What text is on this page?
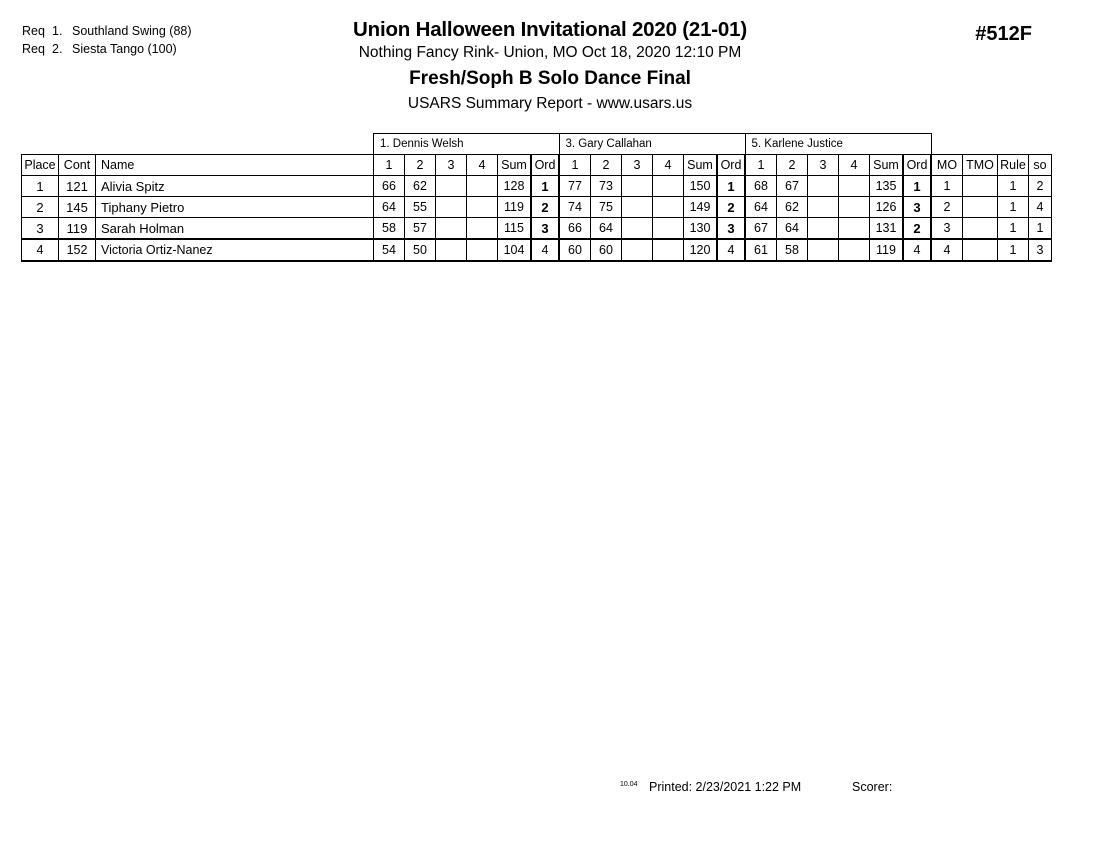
Req 1. Southland Swing (88)
Req 2. Siesta Tango (100)
Union Halloween Invitational 2020 (21-01)
Nothing Fancy Rink- Union, MO Oct 18, 2020 12:10 PM
Fresh/Soph B Solo Dance Final
USARS Summary Report - www.usars.us
#512F
			1. Dennis Welsh						3. Gary Callahan						5. Karlene Justice									
Place	Cont	Name	1	2	3	4	Sum	Ord	1	2	3	4	Sum	Ord	1	2	3	4	Sum	Ord	MO	TMO	Rule	so
1	121	Alivia Spitz	66	62			128	1	77	73			150	1	68	67			135	1	1		1	2
2	145	Tiphany Pietro	64	55			119	2	74	75			149	2	64	62			126	3	2		1	4
3	119	Sarah Holman	58	57			115	3	66	64			130	3	67	64			131	2	3		1	1
4	152	Victoria Ortiz-Nanez	54	50			104	4	60	60			120	4	61	58			119	4	4		1	3
10.04 Printed: 2/23/2021 1:22 PM	Scorer:
